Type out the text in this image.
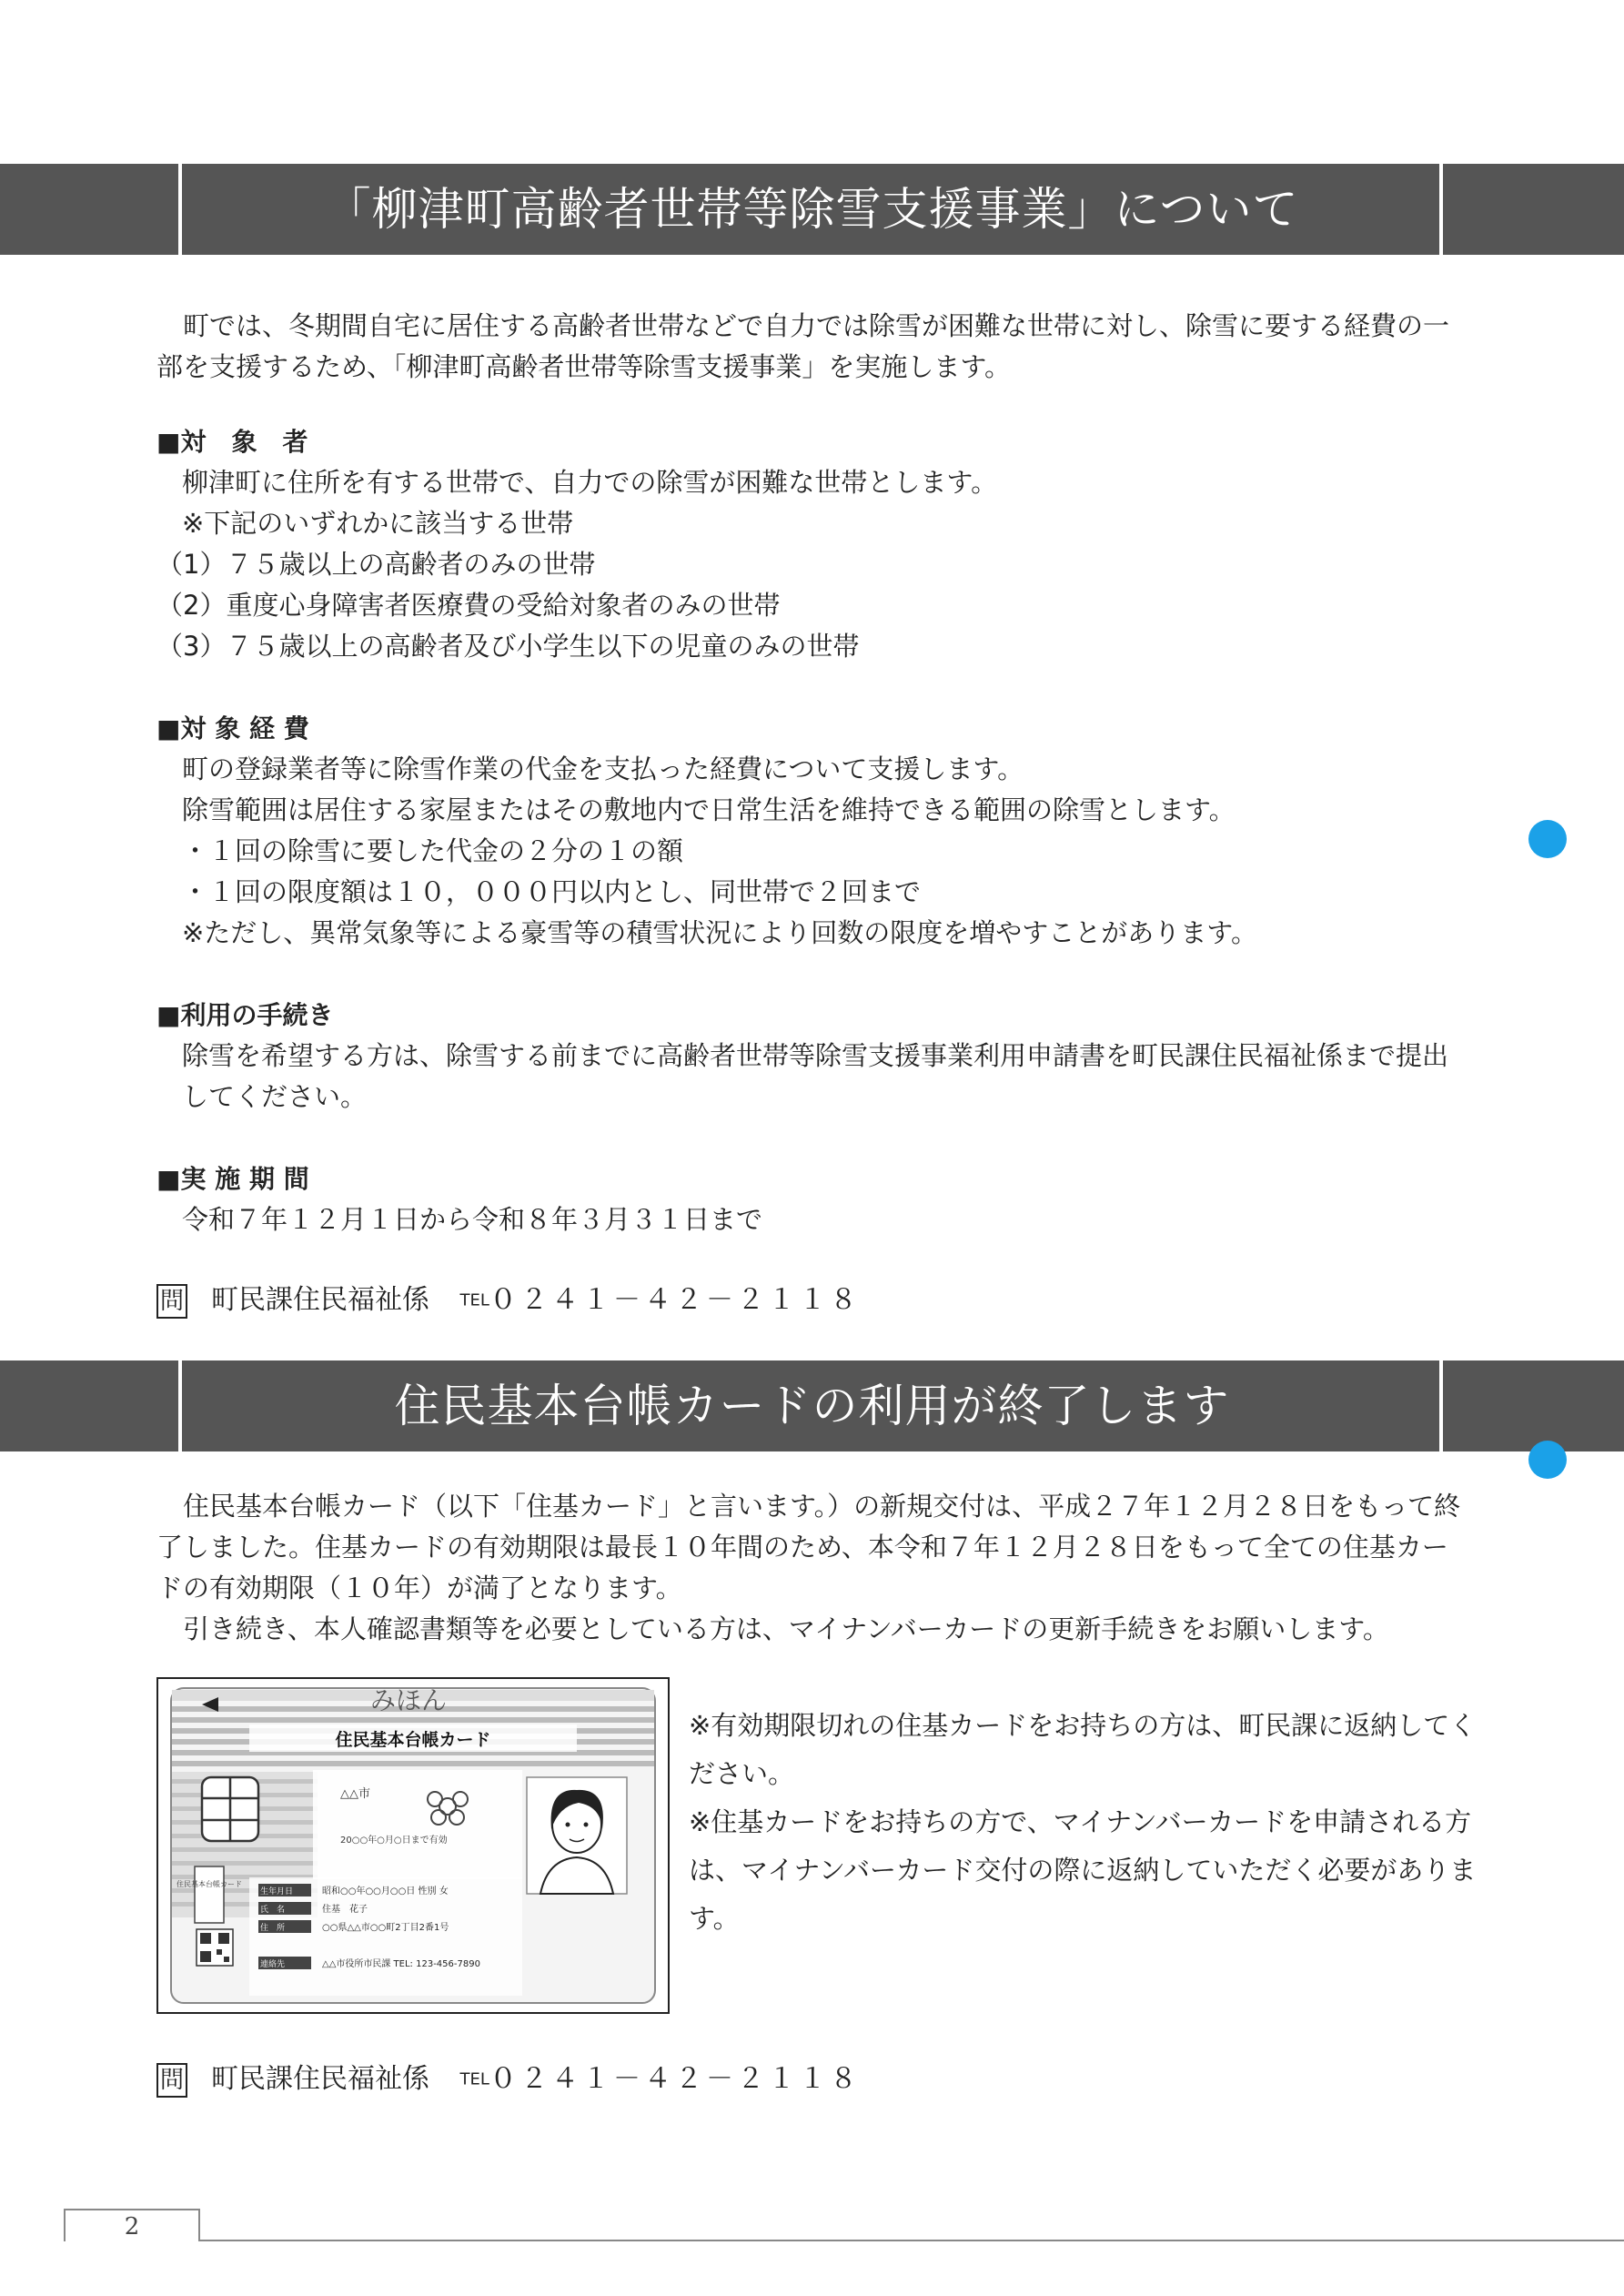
「柳津町高齢者世帯等除雪支援事業」について

町では、冬期間自宅に居住する高齢者世帯などで自力では除雪が困難な世帯に対し、除雪に要する経費の一部を支援するため、「柳津町高齢者世帯等除雪支援事業」を実施します。

■対　象　者
柳津町に住所を有する世帯で、自力での除雪が困難な世帯とします。
※下記のいずれかに該当する世帯
（1）７５歳以上の高齢者のみの世帯
（2）重度心身障害者医療費の受給対象者のみの世帯
（3）７５歳以上の高齢者及び小学生以下の児童のみの世帯
■対 象 経 費
町の登録業者等に除雪作業の代金を支払った経費について支援します。
除雪範囲は居住する家屋またはその敷地内で日常生活を維持できる範囲の除雪とします。
・１回の除雪に要した代金の２分の１の額
・１回の限度額は１０，０００円以内とし、同世帯で２回まで
※ただし、異常気象等による豪雪等の積雪状況により回数の限度を増やすことがあります。
■利用の手続き

除雪を希望する方は、除雪する前までに高齢者世帯等除雪支援事業利用申請書を町民課住民福祉係まで提出してください。

■実 施 期 間
令和７年１２月１日から令和８年３月３１日まで
問 町民課住民福祉係 TEL０２４１－４２－２１１８
住民基本台帳カードの利用が終了します

住民基本台帳カード（以下「住基カード」と言います。）の新規交付は、平成２７年１２月２８日をもって終了しました。住基カードの有効期限は最長１０年間のため、本令和７年１２月２８日をもって全ての住基カードの有効期限（１０年）が満了となります。

引き続き、本人確認書類等を必要としている方は、マイナンバーカードの更新手続きをお願いします。

みほん
住民基本台帳カード
△△市
20○○年○月○日まで有効
住民基本台帳カード
生年月日	昭和○○年○○月○○日 性別 女
氏　名	住基　花子
住　所	○○県△△市○○町2丁目2番1号
連絡先	△△市役所市民課 TEL: 123-456-7890
※有効期限切れの住基カードをお持ちの方は、町民課に返納してください。
※住基カードをお持ちの方で、マイナンバーカードを申請される方は、マイナンバーカード交付の際に返納していただく必要があります。
問 町民課住民福祉係 TEL０２４１－４２－２１１８
2
